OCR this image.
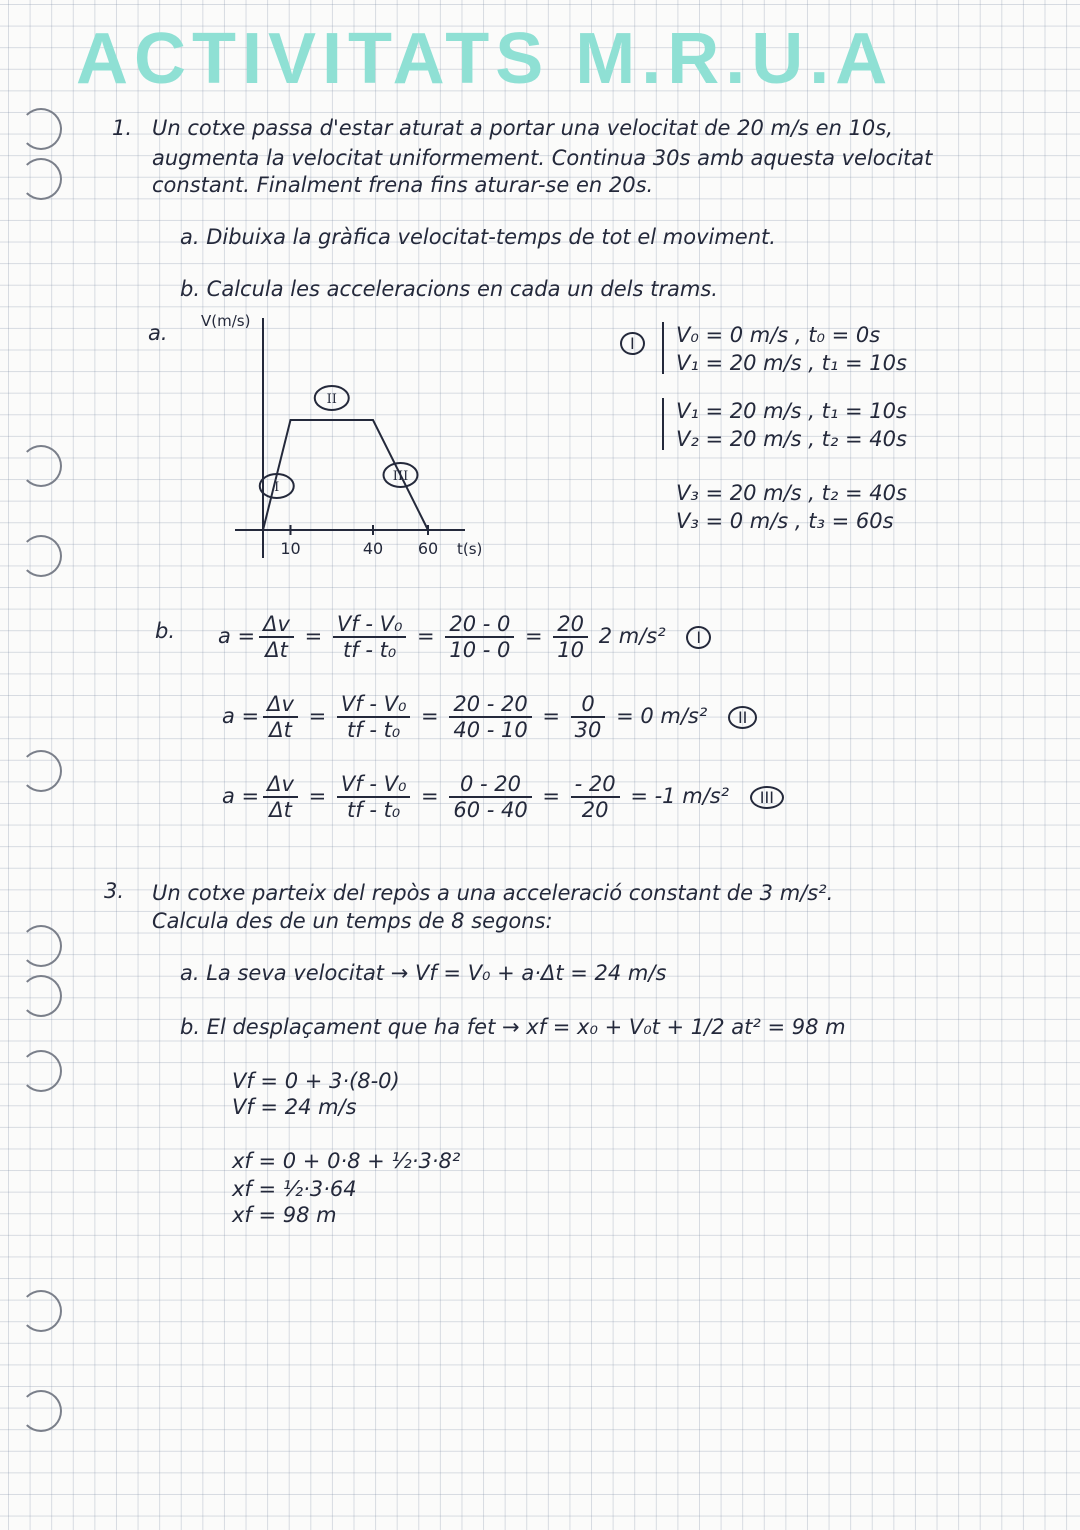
ACTIVITATS M.R.U.A
1. Un cotxe passa d'estar aturat a portar una velocitat de 20 m/s en 10s,
augmenta la velocitat uniformement. Continua 30s amb aquesta velocitat
constant. Finalment frena fins aturar-se en 20s.
a. Dibuixa la gràfica velocitat-temps de tot el moviment.
b. Calcula les acceleracions en cada un dels trams.
a.
10	40 60
V(m/s)
t(s)
I
II
III
I	V₀ = 0 m/s , t₀ = 0s
V₁ = 20 m/s , t₁ = 10s
V₁ = 20 m/s , t₁ = 10s
V₂ = 20 m/s , t₂ = 40s
V₃ = 20 m/s , t₂ = 40s
V₃ = 0 m/s , t₃ = 60s
b. $a = \frac{\Delta v}{\Delta t} = \frac{\text{Vf - V₀}}{\text{tf - t₀}} = \frac{20 - 0}{10 - 0} = \frac{20}{10} 2$ m/s² I
$a = \frac{\Delta v}{\Delta t} = \frac{\text{Vf - V₀}}{\text{tf - t₀}} = \frac{20 - 20}{40 - 10} = \frac{0}{30} = 0$ m/s² II
$a = \frac{\Delta v}{\Delta t} = \frac{\text{Vf - V₀}}{\text{tf - t₀}} = \frac{0 - 20}{60 - 40} = \frac{- 20}{20} = -1$ m/s² III
3. Un cotxe parteix del repòs a una acceleració constant de 3 m/s².
Calcula des de un temps de 8 segons:
a. La seva velocitat → Vf = V₀ + a·Δt = 24 m/s
b. El desplaçament que ha fet → xf = x₀ + V₀t + 1/2 at² = 98 m
Vf = 0 + 3·(8-0)
Vf = 24 m/s
xf = 0 + 0·8 + ½·3·8²
xf = ½·3·64
xf = 98 m
